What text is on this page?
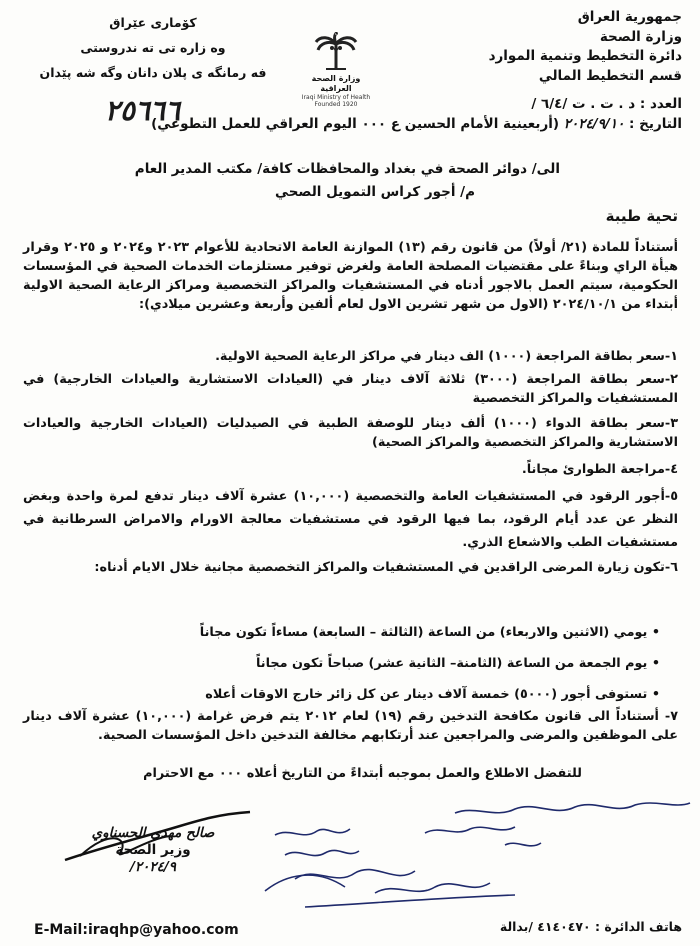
جمهورية العراق
وزارة الصحة
دائرة التخطيط وتنمية الموارد
قسم التخطيط المالي
کۆماری عێراق
وه زاره تی ته ندروستی
فه رمانگه ی پلان دانان وگه شه پێدان	وزارة الصحة العراقية
Iraqi Ministry of Health
Founded 1920	العدد : د . ت . ت /٦/٤ /
٢٥٦٦٦	التاريخ : ٢٠٢٤/٩/١٠ (أربعينية الأمام الحسين ع ٠٠٠ اليوم العراقي للعمل التطوعي)
الى/ دوائر الصحة في بغداد والمحافظات كافة/ مكتب المدير العام
م/ أجور كراس التمويل الصحي
تحية طيبة
أستناداً للمادة (٢١/ أولاً) من قانون رقم (١٣) الموازنة العامة الاتحادية للأعوام ٢٠٢٣ و٢٠٢٤ و ٢٠٢٥ وقرار هيأة الراي وبناءً على مقتضيات المصلحة العامة ولغرض توفير مستلزمات الخدمات الصحية في المؤسسات الحكومية، سيتم العمل بالاجور أدناه في المستشفيات والمراكز التخصصية ومراكز الرعاية الصحية الاولية أبتداء من ٢٠٢٤/١٠/١ (الاول من شهر تشرين الاول لعام ألفين وأربعة وعشرين ميلادي):
١-سعر بطاقة المراجعة (١٠٠٠) الف دينار في مراكز الرعاية الصحية الاولية.
٢-سعر بطاقة المراجعة (٣٠٠٠) ثلاثة آلاف دينار في (العيادات الاستشارية والعيادات الخارجية) في المستشفيات والمراكز التخصصية
٣-سعر بطاقة الدواء (١٠٠٠) ألف دينار للوصفة الطبية في الصيدليات (العيادات الخارجية والعيادات الاستشارية والمراكز التخصصية والمراكز الصحية)
٤-مراجعة الطوارئ مجاناً.
٥-أجور الرقود في المستشفيات العامة والتخصصية (١٠,٠٠٠) عشرة آلاف دينار تدفع لمرة واحدة وبغض النظر عن عدد أيام الرقود، بما فيها الرقود في مستشفيات معالجة الاورام والامراض السرطانية في مستشفيات الطب والاشعاع الذري.
٦-تكون زيارة المرضى الراقدين في المستشفيات والمراكز التخصصية مجانية خلال الايام أدناه:
• يومي (الاثنين والاربعاء) من الساعة (الثالثة – السابعة) مساءاً تكون مجاناً
• يوم الجمعة من الساعة (الثامنة– الثانية عشر) صباحاً تكون مجاناً
• تستوفى أجور (٥٠٠٠) خمسة آلاف دينار عن كل زائر خارج الاوقات أعلاه
٧- أستناداً الى قانون مكافحة التدخين رقم (١٩) لعام ٢٠١٢ يتم فرض غرامة (١٠,٠٠٠) عشرة آلاف دينار على الموظفين والمرضى والمراجعين عند أرتكابهم مخالفة التدخين داخل المؤسسات الصحية.
للتفضل الاطلاع والعمل بموجبه أبتداءً من التاريخ أعلاه ٠٠٠ مع الاحترام
صالح مهدي الحسناوي
وزير الصحة
٢٠٢٤/٩/
E-Mail:iraqhp@yahoo.com	هاتف الدائرة : ٤١٤٠٤٧٠ /بدالة
